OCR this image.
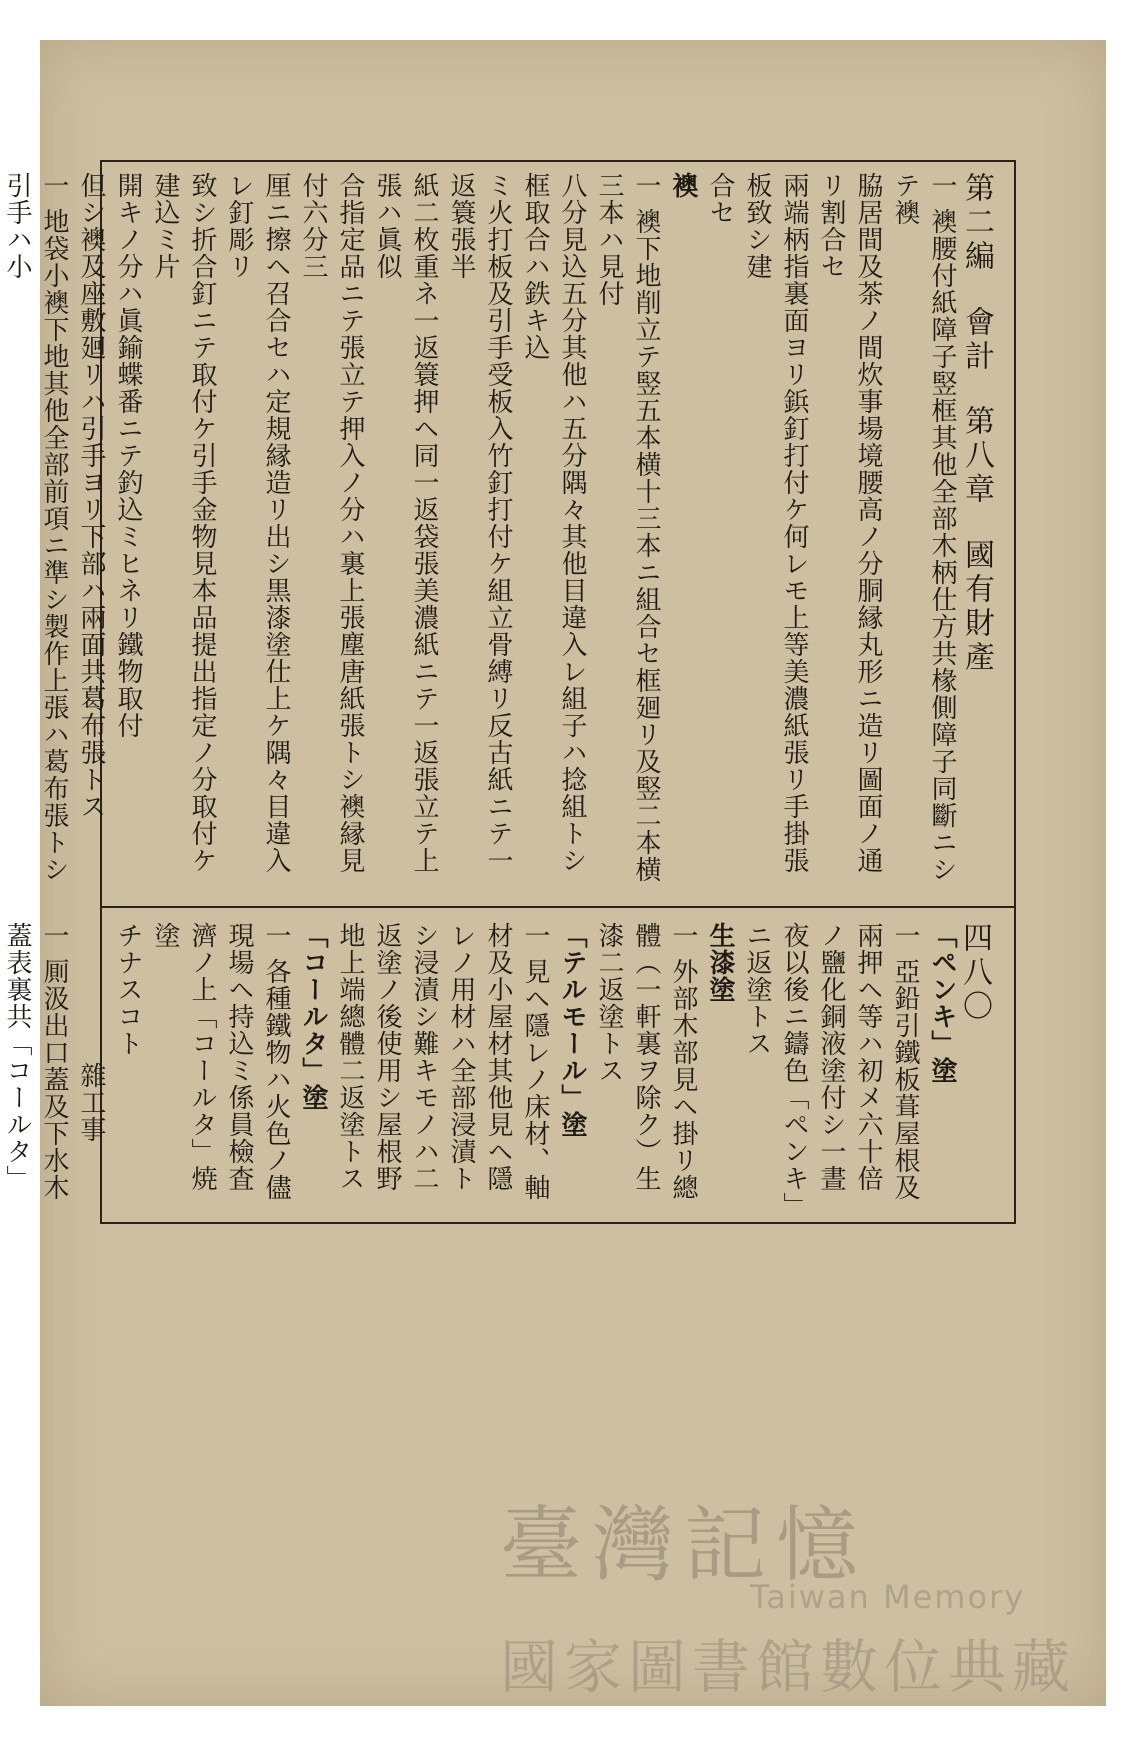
第二編 會計 第八章 國有財產
一 襖腰付紙障子竪框其他全部木柄仕方共椽側障子同斷ニシテ襖
脇居間及茶ノ間炊事場境腰高ノ分胴縁丸形ニ造リ圖面ノ通リ割合セ
兩端柄指裏面ヨリ鋲釘打付ケ何レモ上等美濃紙張リ手掛張板致シ建
合セ
襖
一 襖下地削立テ竪五本横十三本ニ組合セ框廻リ及竪二本横三本ハ見付
八分見込五分其他ハ五分隅々其他目違入レ組子ハ捻組トシ框取合ハ鉄キ込
ミ火打板及引手受板入竹釘打付ケ組立骨縛リ反古紙ニテ一返簑張半
紙二枚重ネ一返簑押ヘ同一返袋張美濃紙ニテ一返張立テ上張ハ眞似
合指定品ニテ張立テ押入ノ分ハ裏上張塵唐紙張トシ襖縁見付六分三
厘ニ擦ヘ召合セハ定規縁造リ出シ黒漆塗仕上ケ隅々目違入レ釘彫リ
致シ折合釘ニテ取付ケ引手金物見本品提出指定ノ分取付ケ建込ミ片
開キノ分ハ眞鍮蝶番ニテ釣込ミヒネリ鐵物取付
但シ襖及座敷廻リハ引手ヨリ下部ハ兩面共葛布張トス
一 地袋小襖下地其他全部前項ニ準シ製作上張ハ葛布張トシ引手ハ小
四八〇
「ペンキ」塗
一 亞鉛引鐵板葺屋根及兩押ヘ等ハ初メ六十倍ノ鹽化銅液塗付シ一晝
夜以後ニ鑄色「ペンキ」ニ返塗トス
生漆塗
一 外部木部見ヘ掛リ總體（一軒裏ヲ除ク）生漆二返塗トス
「テルモール」塗
一 見ヘ隱レノ床材、軸材及小屋材其他見ヘ隱レノ用材ハ全部浸漬ト
シ浸漬シ難キモノハ二返塗ノ後使用シ屋根野地上端總體二返塗トス
「コールタ」塗
一 各種鐵物ハ火色ノ儘現場ヘ持込ミ係員檢査濟ノ上「コールタ」焼塗
チナスコト
雜工事
一 厠汲出口蓋及下水木蓋表裏共「コールタ」
臺灣記憶
Taiwan Memory
國家圖書館數位典藏
